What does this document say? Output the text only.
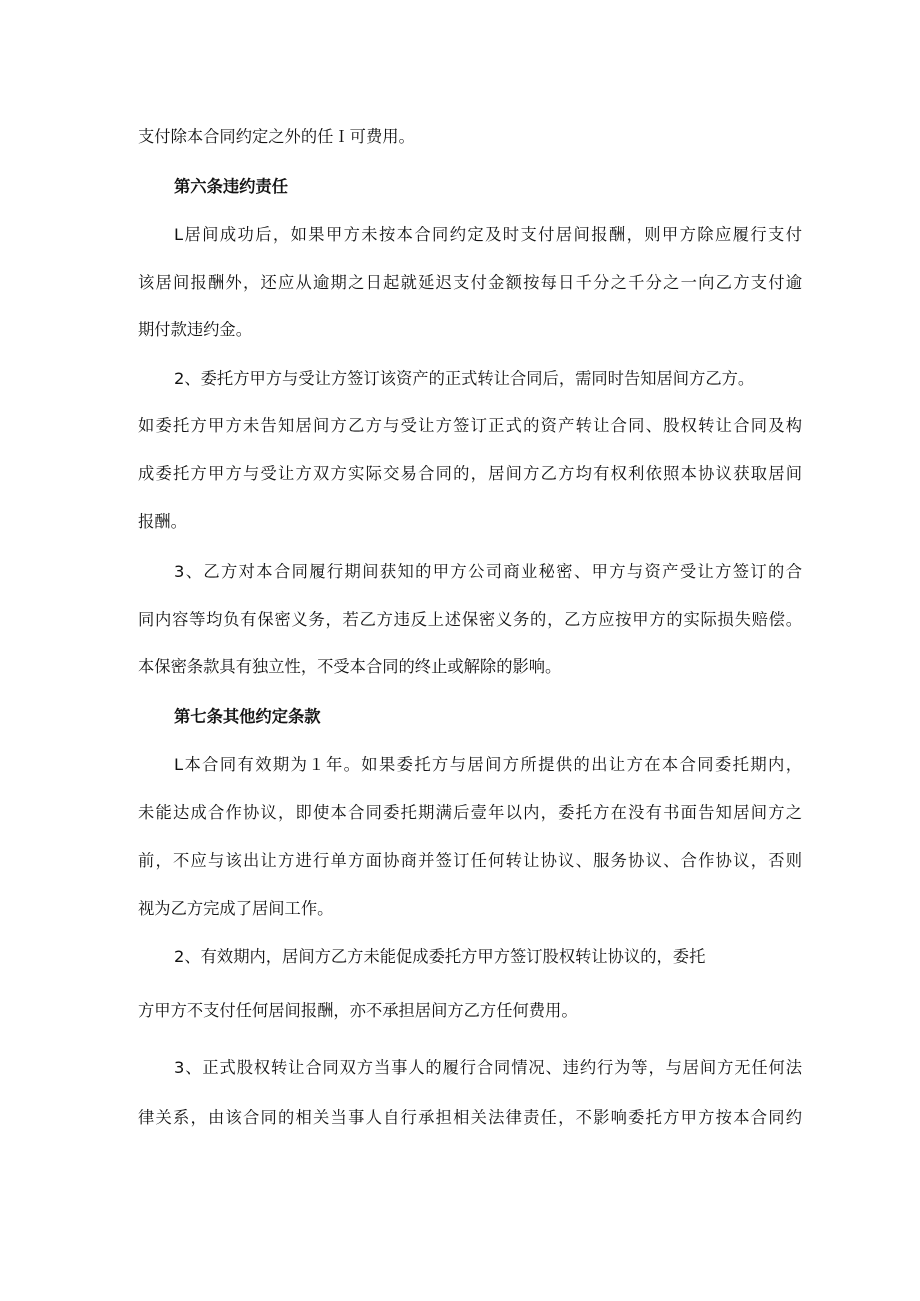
支付除本合同约定之外的任Ｉ可费用。
第六条违约责任
L居间成功后，如果甲方未按本合同约定及时支付居间报酬，则甲方除应履行支付
该居间报酬外，还应从逾期之日起就延迟支付金额按每日千分之千分之一向乙方支付逾
期付款违约金。
2、委托方甲方与受让方签订该资产的正式转让合同后，需同时告知居间方乙方。
如委托方甲方未告知居间方乙方与受让方签订正式的资产转让合同、股权转让合同及构
成委托方甲方与受让方双方实际交易合同的，居间方乙方均有权利依照本协议获取居间
报酬。
3、乙方对本合同履行期间获知的甲方公司商业秘密、甲方与资产受让方签订的合
同内容等均负有保密义务，若乙方违反上述保密义务的，乙方应按甲方的实际损失赔偿。
本保密条款具有独立性，不受本合同的终止或解除的影响。
第七条其他约定条款
L本合同有效期为１年。如果委托方与居间方所提供的出让方在本合同委托期内，
未能达成合作协议，即使本合同委托期满后壹年以内，委托方在没有书面告知居间方之
前，不应与该出让方进行单方面协商并签订任何转让协议、服务协议、合作协议，否则
视为乙方完成了居间工作。
2、有效期内，居间方乙方未能促成委托方甲方签订股权转让协议的，委托
方甲方不支付任何居间报酬，亦不承担居间方乙方任何费用。
3、正式股权转让合同双方当事人的履行合同情况、违约行为等，与居间方无任何法
律关系，由该合同的相关当事人自行承担相关法律责任，不影响委托方甲方按本合同约
